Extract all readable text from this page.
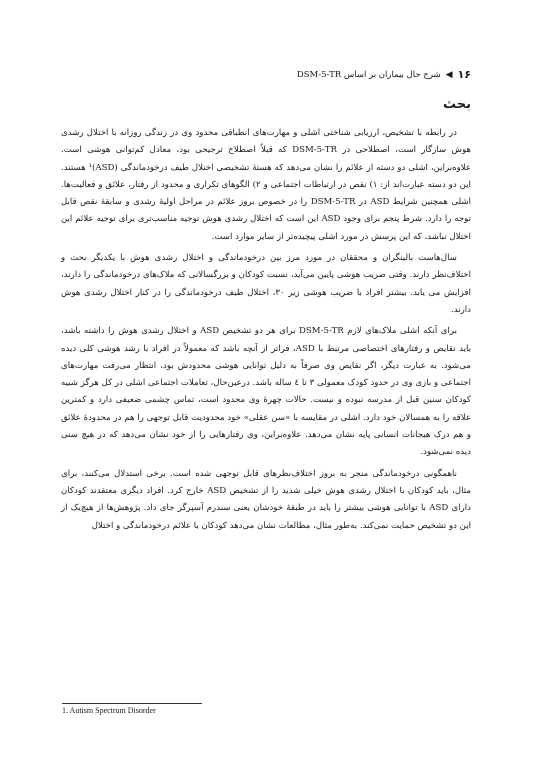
۱۶
◀
شرح حال بیماران بر اساس DSM-5-TR
بحث

در رابطه با تشخیص، ارزیابی شناختی اشلی و مهارت‌های انطباقی محدود وی در زندگی روزانه با اختلال رشدی هوش سازگار است، اصطلاحی در DSM-5-TR که قبلاً اصطلاح ترجیحی بود، معادل کم‌توانی هوشی است. علاوه‌براین، اشلی دو دسته از علائم را نشان می‌دهد که هستهٔ تشخیصی اختلال طیف درخودماندگی (ASD)¹ هستند. این دو دسته عبارت‌اند از: ۱) نقص در ارتباطات اجتماعی و ۲) الگوهای تکراری و محدود از رفتار، علائق و فعالیت‌ها. اشلی همچنین شرایط ASD در DSM-5-TR را در خصوص بروز علائم در مراحل اولیهٔ رشدی و سابقهٔ نقص قابل توجه را دارد. شرط پنجم برای وجود ASD این است که اختلال رشدی هوش توجیه مناسب‌تری برای توجیه علائم این اختلال نباشد، که این پرسش در مورد اشلی پیچیده‌تر از سایر موارد است.

سال‌هاست بالینگران و محققان در مورد مرز بین درخودماندگی و اختلال رشدی هوش با یکدیگر بحث و اختلاف‌نظر دارند. وقتی ضریب هوشی پایین می‌آید، نسبت کودکان و بزرگسالانی که ملاک‌های درخودماندگی را دارند، افزایش می یابد. بیشتر افراد با ضریب هوشی زیر ۳۰، اختلال طیف درخودماندگی را در کنار اختلال رشدی هوش دارند.

برای آنکه اشلی ملاک‌های لازم DSM-5-TR برای هر دو تشخیص ASD و اختلال رشدی هوش را داشته باشد، باید نقایص و رفتارهای اختصاصی مرتبط با ASD، فراتر از آنچه باشد که معمولاً در افراد با رشد هوشی کلی دیده می‌شود. به عبارت دیگر، اگر نقایص وی صرفاً به دلیل توانایی هوشی محدودش بود، انتظار می‌رفت مهارت‌های اجتماعی و بازی وی در حدود کودک معمولی ۳ تا ٤ ساله باشد. درعین‌حال، تعاملات اجتماعی اشلی در کل هرگز شبیه کودکان سنین قبل از مدرسه نبوده و نیست. حالات چهرهٔ وی محدود است، تماس چشمی ضعیفی دارد و کمترین علاقه را به همسالان خود دارد. اشلی در مقایسه با «سن عقلی» خود محدودیت قابل توجهی را هم در محدودهٔ علائق و هم درک هیجانات انسانی پایه نشان می‌دهد. علاوه‌براین، وی رفتارهایی را از خود نشان می‌دهد که در هیچ سنی دیده نمی‌شود.

ناهمگونی درخودماندگی منجر به بروز اختلاف‌نظرهای قابل توجهی شده است. برخی استدلال می‌کنند، برای مثال، باید کودکان با اختلال رشدی هوش خیلی شدید را از تشخیص ASD خارج کرد. افراد دیگری معتقدند کودکان دارای ASD با توانایی هوشی بیشتر را باید در طبقهٔ خودشان یعنی سندرم آسپرگر جای داد. پژوهش‌ها از هیچ‌یک از این دو تشخیص حمایت نمی‌کند. به‌طور مثال، مطالعات نشان می‌دهد کودکان با علائم درخودماندگی و اختلال

1. Autism Spectrum Disorder
